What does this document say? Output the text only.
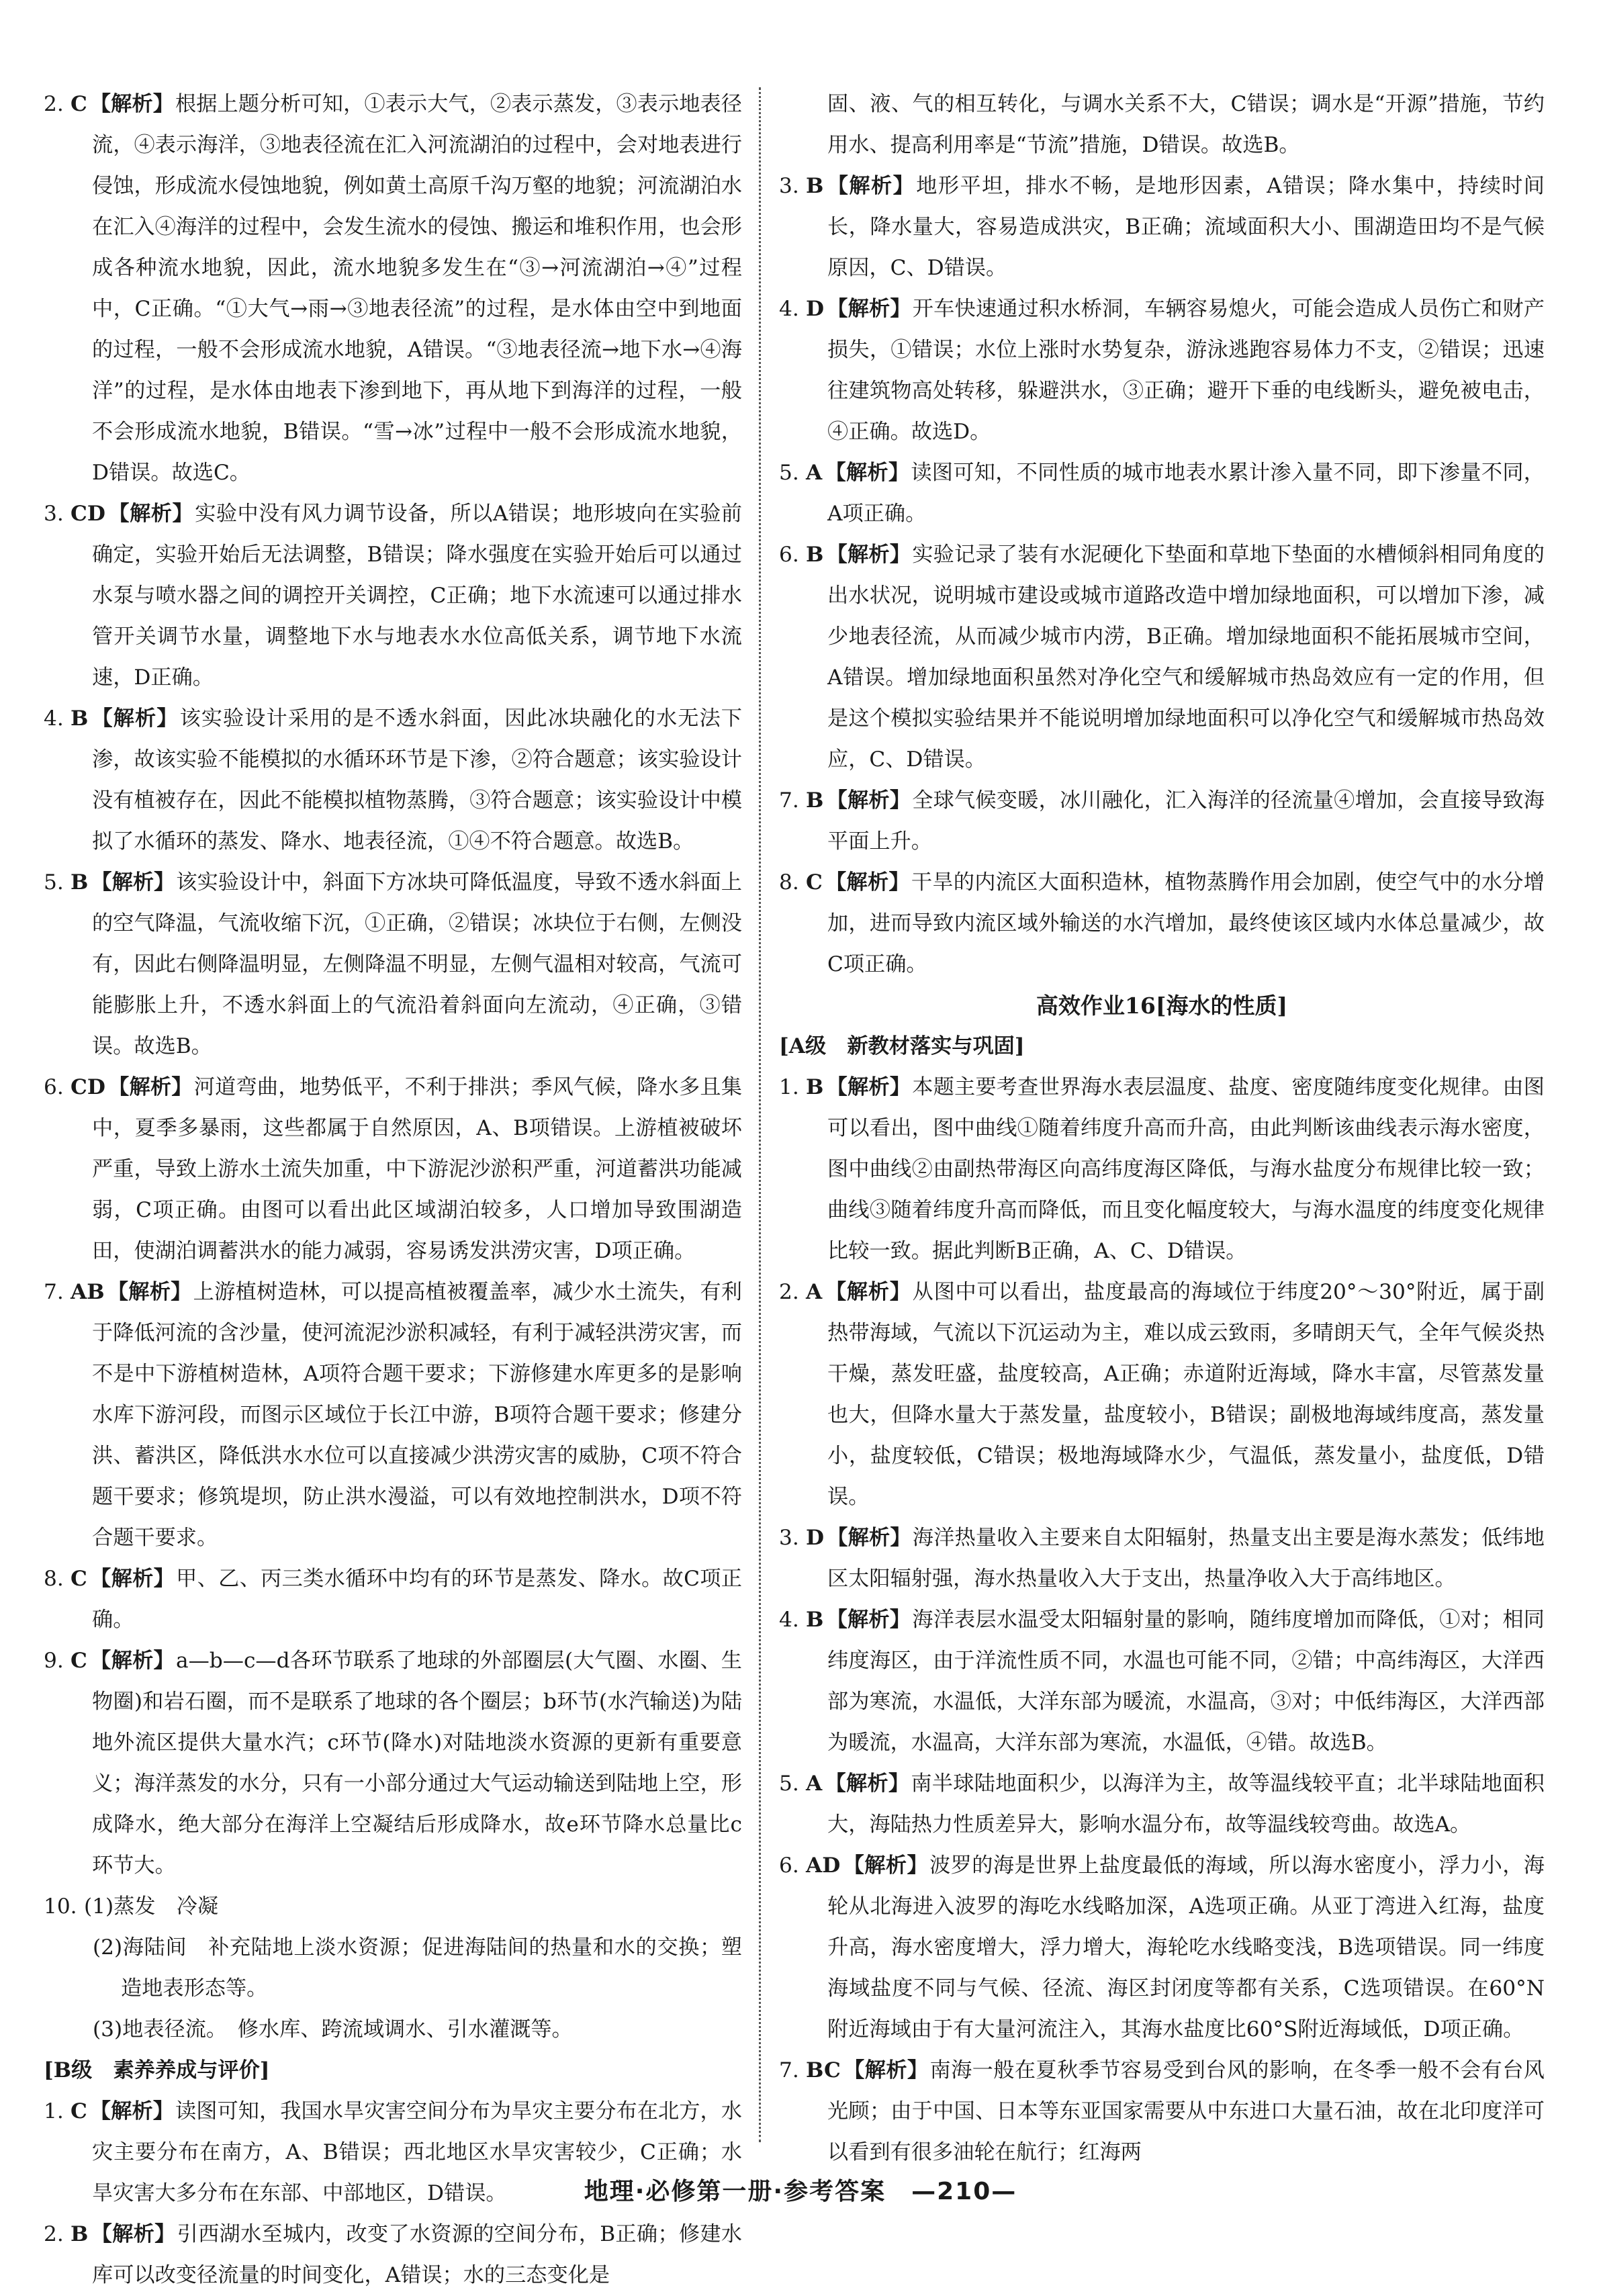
2. C 【解析】根据上题分析可知，①表示大气，②表示蒸发，③表示地表径流，④表示海洋，③地表径流在汇入河流湖泊的过程中，会对地表进行侵蚀，形成流水侵蚀地貌，例如黄土高原千沟万壑的地貌；河流湖泊水在汇入④海洋的过程中，会发生流水的侵蚀、搬运和堆积作用，也会形成各种流水地貌，因此，流水地貌多发生在“③→河流湖泊→④”过程中，C正确。“①大气→雨→③地表径流”的过程，是水体由空中到地面的过程，一般不会形成流水地貌，A错误。“③地表径流→地下水→④海洋”的过程，是水体由地表下渗到地下，再从地下到海洋的过程，一般不会形成流水地貌，B错误。“雪→冰”过程中一般不会形成流水地貌，D错误。故选C。

3. CD 【解析】实验中没有风力调节设备，所以A错误；地形坡向在实验前确定，实验开始后无法调整，B错误；降水强度在实验开始后可以通过水泵与喷水器之间的调控开关调控，C正确；地下水流速可以通过排水管开关调节水量，调整地下水与地表水水位高低关系，调节地下水流速，D正确。

4. B 【解析】该实验设计采用的是不透水斜面，因此冰块融化的水无法下渗，故该实验不能模拟的水循环环节是下渗，②符合题意；该实验设计没有植被存在，因此不能模拟植物蒸腾，③符合题意；该实验设计中模拟了水循环的蒸发、降水、地表径流，①④不符合题意。故选B。

5. B 【解析】该实验设计中，斜面下方冰块可降低温度，导致不透水斜面上的空气降温，气流收缩下沉，①正确，②错误；冰块位于右侧，左侧没有，因此右侧降温明显，左侧降温不明显，左侧气温相对较高，气流可能膨胀上升，不透水斜面上的气流沿着斜面向左流动，④正确，③错误。故选B。

6. CD 【解析】河道弯曲，地势低平，不利于排洪；季风气候，降水多且集中，夏季多暴雨，这些都属于自然原因，A、B项错误。上游植被破坏严重，导致上游水土流失加重，中下游泥沙淤积严重，河道蓄洪功能减弱，C项正确。由图可以看出此区域湖泊较多，人口增加导致围湖造田，使湖泊调蓄洪水的能力减弱，容易诱发洪涝灾害，D项正确。

7. AB 【解析】上游植树造林，可以提高植被覆盖率，减少水土流失，有利于降低河流的含沙量，使河流泥沙淤积减轻，有利于减轻洪涝灾害，而不是中下游植树造林，A项符合题干要求；下游修建水库更多的是影响水库下游河段，而图示区域位于长江中游，B项符合题干要求；修建分洪、蓄洪区，降低洪水水位可以直接减少洪涝灾害的威胁，C项不符合题干要求；修筑堤坝，防止洪水漫溢，可以有效地控制洪水，D项不符合题干要求。

8. C 【解析】甲、乙、丙三类水循环中均有的环节是蒸发、降水。故C项正确。

9. C 【解析】a—b—c—d各环节联系了地球的外部圈层(大气圈、水圈、生物圈)和岩石圈，而不是联系了地球的各个圈层；b环节(水汽输送)为陆地外流区提供大量水汽；c环节(降水)对陆地淡水资源的更新有重要意义；海洋蒸发的水分，只有一小部分通过大气运动输送到陆地上空，形成降水，绝大部分在海洋上空凝结后形成降水，故e环节降水总量比c环节大。

10. (1)蒸发　冷凝

(2)海陆间　补充陆地上淡水资源；促进海陆间的热量和水的交换；塑造地表形态等。

(3)地表径流。　修水库、跨流域调水、引水灌溉等。

[B级　素养养成与评价]

1. C 【解析】读图可知，我国水旱灾害空间分布为旱灾主要分布在北方，水灾主要分布在南方，A、B错误；西北地区水旱灾害较少，C正确；水旱灾害大多分布在东部、中部地区，D错误。

2. B 【解析】引西湖水至城内，改变了水资源的空间分布，B正确；修建水库可以改变径流量的时间变化，A错误；水的三态变化是

固、液、气的相互转化，与调水关系不大，C错误；调水是“开源”措施，节约用水、提高利用率是“节流”措施，D错误。故选B。

3. B 【解析】地形平坦，排水不畅，是地形因素，A错误；降水集中，持续时间长，降水量大，容易造成洪灾，B正确；流域面积大小、围湖造田均不是气候原因，C、D错误。

4. D 【解析】开车快速通过积水桥洞，车辆容易熄火，可能会造成人员伤亡和财产损失，①错误；水位上涨时水势复杂，游泳逃跑容易体力不支，②错误；迅速往建筑物高处转移，躲避洪水，③正确；避开下垂的电线断头，避免被电击，④正确。故选D。

5. A 【解析】读图可知，不同性质的城市地表水累计渗入量不同，即下渗量不同，A项正确。

6. B 【解析】实验记录了装有水泥硬化下垫面和草地下垫面的水槽倾斜相同角度的出水状况，说明城市建设或城市道路改造中增加绿地面积，可以增加下渗，减少地表径流，从而减少城市内涝，B正确。增加绿地面积不能拓展城市空间，A错误。增加绿地面积虽然对净化空气和缓解城市热岛效应有一定的作用，但是这个模拟实验结果并不能说明增加绿地面积可以净化空气和缓解城市热岛效应，C、D错误。

7. B 【解析】全球气候变暖，冰川融化，汇入海洋的径流量④增加，会直接导致海平面上升。

8. C 【解析】干旱的内流区大面积造林，植物蒸腾作用会加剧，使空气中的水分增加，进而导致内流区域外输送的水汽增加，最终使该区域内水体总量减少，故C项正确。

高效作业16[海水的性质]

[A级　新教材落实与巩固]

1. B 【解析】本题主要考查世界海水表层温度、盐度、密度随纬度变化规律。由图可以看出，图中曲线①随着纬度升高而升高，由此判断该曲线表示海水密度，图中曲线②由副热带海区向高纬度海区降低，与海水盐度分布规律比较一致；曲线③随着纬度升高而降低，而且变化幅度较大，与海水温度的纬度变化规律比较一致。据此判断B正确，A、C、D错误。

2. A 【解析】从图中可以看出，盐度最高的海域位于纬度20°～30°附近，属于副热带海域，气流以下沉运动为主，难以成云致雨，多晴朗天气，全年气候炎热干燥，蒸发旺盛，盐度较高，A正确；赤道附近海域，降水丰富，尽管蒸发量也大，但降水量大于蒸发量，盐度较小，B错误；副极地海域纬度高，蒸发量小，盐度较低，C错误；极地海域降水少，气温低，蒸发量小，盐度低，D错误。

3. D 【解析】海洋热量收入主要来自太阳辐射，热量支出主要是海水蒸发；低纬地区太阳辐射强，海水热量收入大于支出，热量净收入大于高纬地区。

4. B 【解析】海洋表层水温受太阳辐射量的影响，随纬度增加而降低，①对；相同纬度海区，由于洋流性质不同，水温也可能不同，②错；中高纬海区，大洋西部为寒流，水温低，大洋东部为暖流，水温高，③对；中低纬海区，大洋西部为暖流，水温高，大洋东部为寒流，水温低，④错。故选B。

5. A 【解析】南半球陆地面积少，以海洋为主，故等温线较平直；北半球陆地面积大，海陆热力性质差异大，影响水温分布，故等温线较弯曲。故选A。

6. AD 【解析】波罗的海是世界上盐度最低的海域，所以海水密度小，浮力小，海轮从北海进入波罗的海吃水线略加深，A选项正确。从亚丁湾进入红海，盐度升高，海水密度增大，浮力增大，海轮吃水线略变浅，B选项错误。同一纬度海域盐度不同与气候、径流、海区封闭度等都有关系，C选项错误。在60°N附近海域由于有大量河流注入，其海水盐度比60°S附近海域低，D项正确。

7. BC 【解析】南海一般在夏秋季节容易受到台风的影响，在冬季一般不会有台风光顾；由于中国、日本等东亚国家需要从中东进口大量石油，故在北印度洋可以看到有很多油轮在航行；红海两

地理·必修第一册·参考答案　—210—
